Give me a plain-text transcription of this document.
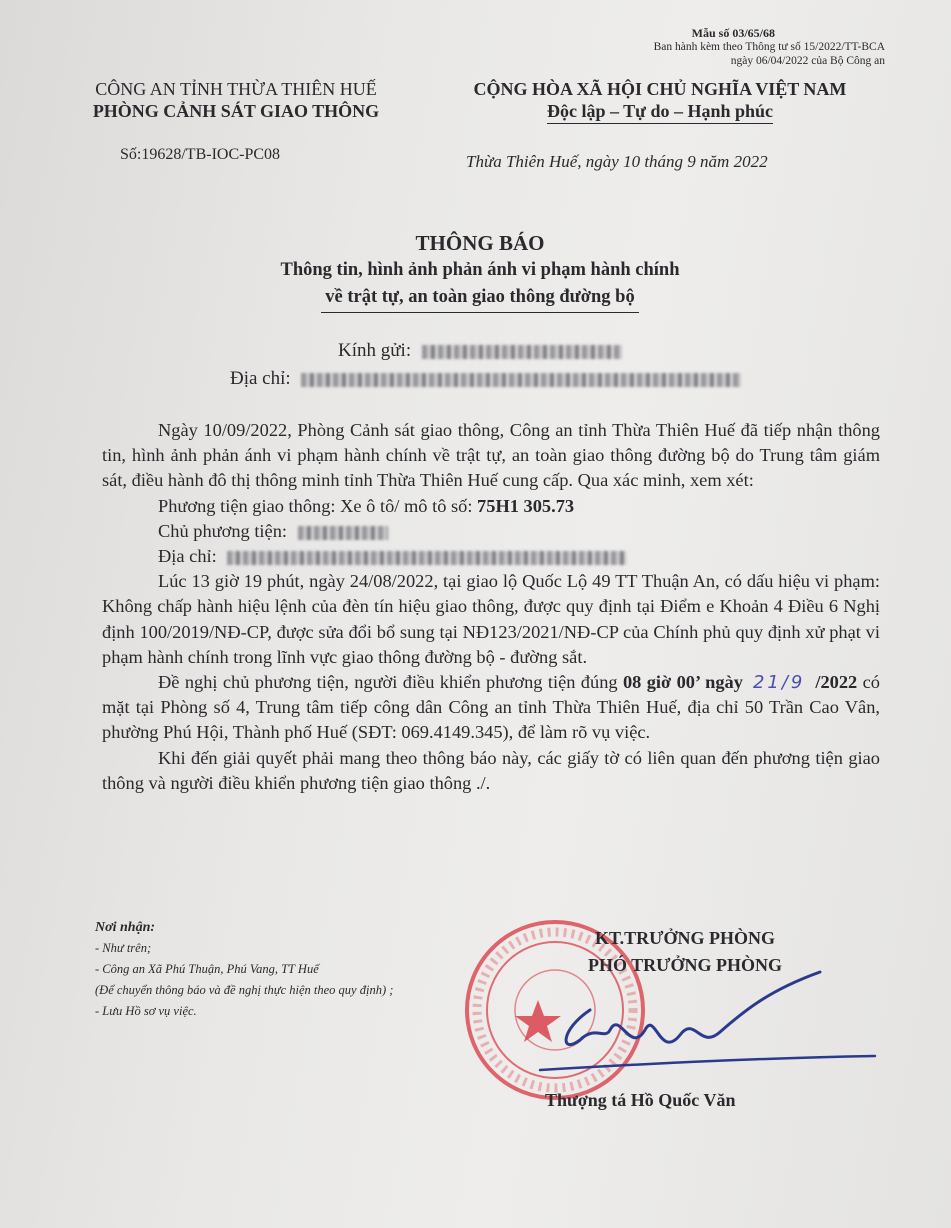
Mẫu số 03/65/68
Ban hành kèm theo Thông tư số 15/2022/TT-BCA
ngày 06/04/2022 của Bộ Công an
CÔNG AN TỈNH THỪA THIÊN HUẾ
PHÒNG CẢNH SÁT GIAO THÔNG
CỘNG HÒA XÃ HỘI CHỦ NGHĨA VIỆT NAM
Độc lập – Tự do – Hạnh phúc
Số:19628/TB-IOC-PC08	Thừa Thiên Huế, ngày 10 tháng 9 năm 2022
THÔNG BÁO
Thông tin, hình ảnh phản ánh vi phạm hành chính
về trật tự, an toàn giao thông đường bộ
Kính gửi:
Địa chỉ:

Ngày 10/09/2022, Phòng Cảnh sát giao thông, Công an tỉnh Thừa Thiên Huế đã tiếp nhận thông tin, hình ảnh phản ánh vi phạm hành chính về trật tự, an toàn giao thông đường bộ do Trung tâm giám sát, điều hành đô thị thông minh tỉnh Thừa Thiên Huế cung cấp. Qua xác minh, xem xét:

Phương tiện giao thông: Xe ô tô/ mô tô số: 75H1 305.73

Chủ phương tiện:

Địa chỉ:

Lúc 13 giờ 19 phút, ngày 24/08/2022, tại giao lộ Quốc Lộ 49 TT Thuận An, có dấu hiệu vi phạm: Không chấp hành hiệu lệnh của đèn tín hiệu giao thông, được quy định tại Điểm e Khoản 4 Điều 6 Nghị định 100/2019/NĐ-CP, được sửa đổi bổ sung tại NĐ123/2021/NĐ-CP của Chính phủ quy định xử phạt vi phạm hành chính trong lĩnh vực giao thông đường bộ - đường sắt.

Đề nghị chủ phương tiện, người điều khiển phương tiện đúng 08 giờ 00’ ngày 21/9 /2022 có mặt tại Phòng số 4, Trung tâm tiếp công dân Công an tỉnh Thừa Thiên Huế, địa chỉ 50 Trần Cao Vân, phường Phú Hội, Thành phố Huế (SĐT: 069.4149.345), để làm rõ vụ việc.

Khi đến giải quyết phải mang theo thông báo này, các giấy tờ có liên quan đến phương tiện giao thông và người điều khiển phương tiện giao thông ./.

Nơi nhận:
- Như trên;
- Công an Xã Phú Thuận, Phú Vang, TT Huế
(Để chuyển thông báo và đề nghị thực hiện theo quy định) ;
- Lưu Hồ sơ vụ việc.
KT.TRƯỞNG PHÒNG
PHÓ TRƯỞNG PHÒNG
Thượng tá Hồ Quốc Văn
